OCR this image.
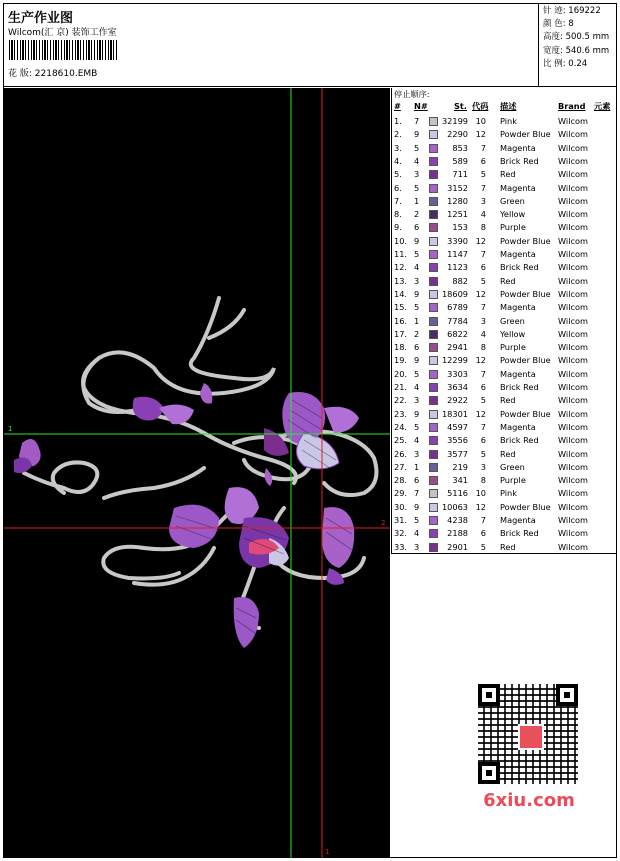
生产作业图
Wilcom(汇 京) 装饰工作室
花 版: 2218610.EMB
针 迹: 169222
颜 色: 8
高度: 500.5 mm
宽度: 540.6 mm
比 例: 0.24
1
2
1
停止顺序:
# N#	St. 代码 描述	Brand 元素
1. 7	32199 10 Pink	Wilcom
2. 9	2290 12 Powder Blue Wilcom
3. 5	853	7 Magenta	Wilcom
4. 4	589	6 Brick Red Wilcom
5. 3	711	5 Red	Wilcom
6. 5	3152	7 Magenta	Wilcom
7. 1	1280	3 Green	Wilcom
8. 2	1251	4 Yellow	Wilcom
9. 6	153	8 Purple	Wilcom
10. 9	3390 12 Powder Blue Wilcom
11. 5	1147	7 Magenta	Wilcom
12. 4	1123	6 Brick Red Wilcom
13. 3	882	5 Red	Wilcom
14. 9	18609 12 Powder Blue Wilcom
15. 5	6789	7 Magenta	Wilcom
16. 1	7784	3 Green	Wilcom
17. 2	6822	4 Yellow	Wilcom
18. 6	2941	8 Purple	Wilcom
19. 9	12299 12 Powder Blue Wilcom
20. 5	3303	7 Magenta	Wilcom
21. 4	3634	6 Brick Red Wilcom
22. 3	2922	5 Red	Wilcom
23. 9	18301 12 Powder Blue Wilcom
24. 5	4597	7 Magenta	Wilcom
25. 4	3556	6 Brick Red Wilcom
26. 3	3577	5 Red	Wilcom
27. 1	219	3 Green	Wilcom
28. 6	341	8 Purple	Wilcom
29. 7	5116 10 Pink	Wilcom
30. 9	10063 12 Powder Blue Wilcom
31. 5	4238	7 Magenta	Wilcom
32. 4	2188	6 Brick Red Wilcom
33. 3	2901	5 Red	Wilcom
6xiu.com
